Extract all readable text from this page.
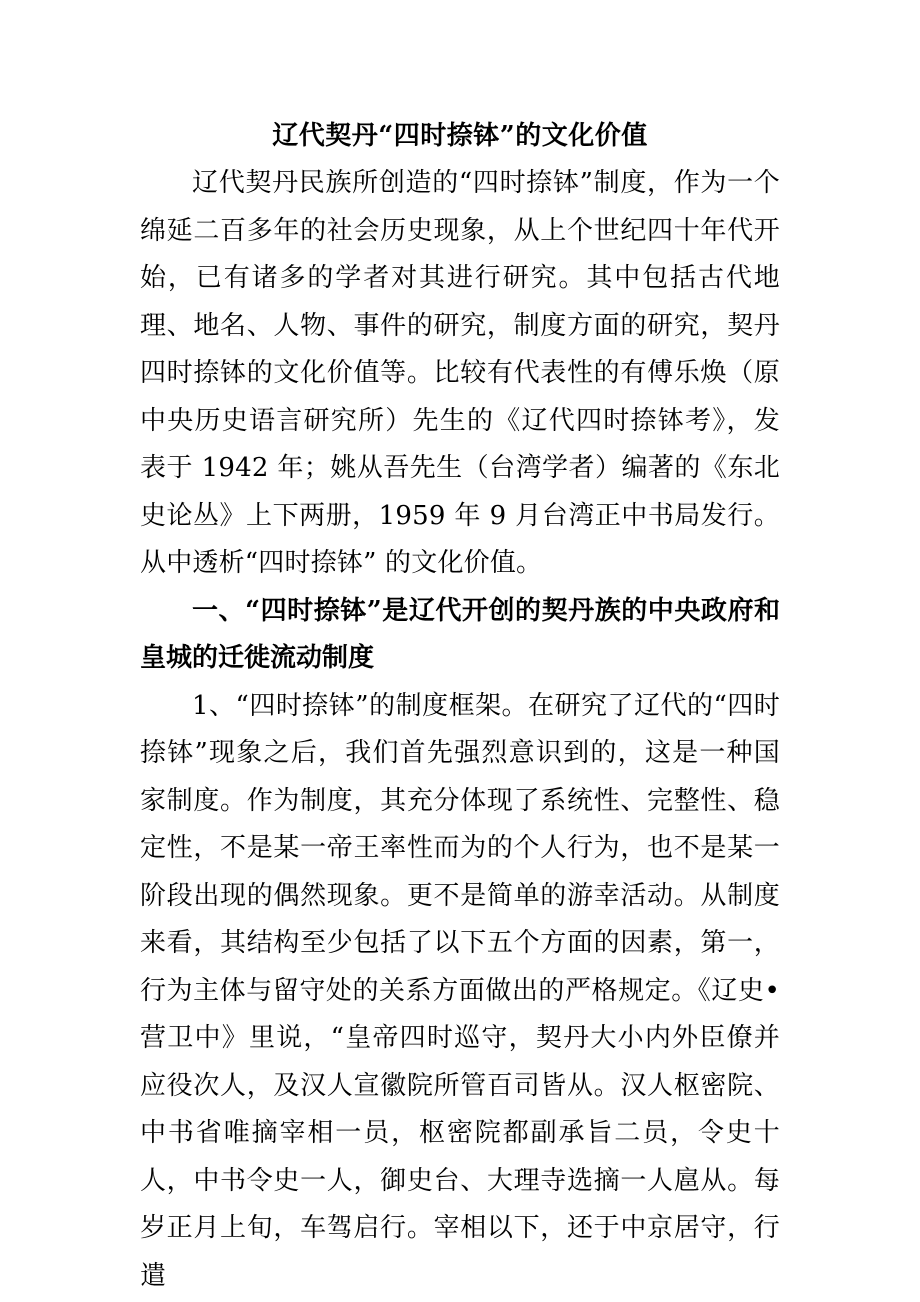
辽代契丹“四时捺钵”的文化价值

辽代契丹民族所创造的“四时捺钵”制度，作为一个绵延二百多年的社会历史现象，从上个世纪四十年代开始，已有诸多的学者对其进行研究。其中包括古代地理、地名、人物、事件的研究，制度方面的研究，契丹四时捺钵的文化价值等。比较有代表性的有傅乐焕（原中央历史语言研究所）先生的《辽代四时捺钵考》，发表于 1942 年；姚从吾先生（台湾学者）编著的《东北史论丛》上下两册，1959 年 9 月台湾正中书局发行。从中透析“四时捺钵” 的文化价值。

一、“四时捺钵”是辽代开创的契丹族的中央政府和皇城的迁徙流动制度

1、“四时捺钵”的制度框架。在研究了辽代的“四时捺钵”现象之后，我们首先强烈意识到的，这是一种国家制度。作为制度，其充分体现了系统性、完整性、稳定性，不是某一帝王率性而为的个人行为，也不是某一阶段出现的偶然现象。更不是简单的游幸活动。从制度来看，其结构至少包括了以下五个方面的因素，第一，行为主体与留守处的关系方面做出的严格规定。《辽史•营卫中》里说，“皇帝四时巡守，契丹大小内外臣僚并应役次人，及汉人宣徽院所管百司皆从。汉人枢密院、中书省唯摘宰相一员，枢密院都副承旨二员，令史十人，中书令史一人，御史台、大理寺选摘一人扈从。每岁正月上旬，车驾启行。宰相以下，还于中京居守，行遣
